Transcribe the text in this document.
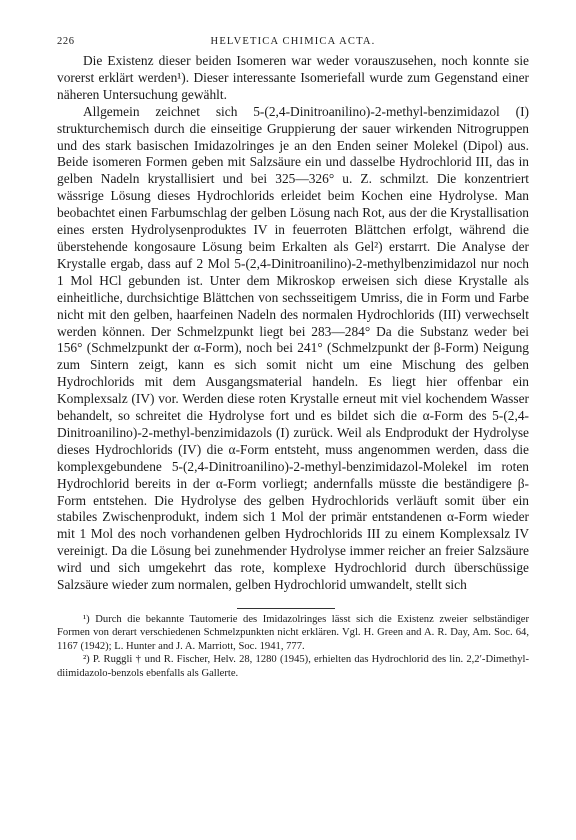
226	HELVETICA CHIMICA ACTA.

Die Existenz dieser beiden Isomeren war weder vorauszusehen, noch konnte sie vorerst erklärt werden¹). Dieser interessante Isomeriefall wurde zum Gegenstand einer näheren Untersuchung gewählt.

Allgemein zeichnet sich 5-(2,4-Dinitroanilino)-2-methyl-benzimidazol (I) strukturchemisch durch die einseitige Gruppierung der sauer wirkenden Nitrogruppen und des stark basischen Imidazolringes je an den Enden seiner Molekel (Dipol) aus. Beide isomeren Formen geben mit Salzsäure ein und dasselbe Hydrochlorid III, das in gelben Nadeln krystallisiert und bei 325—326° u. Z. schmilzt. Die konzentriert wässrige Lösung dieses Hydrochlorids erleidet beim Kochen eine Hydrolyse. Man beobachtet einen Farbumschlag der gelben Lösung nach Rot, aus der die Krystallisation eines ersten Hydrolysenproduktes IV in feuerroten Blättchen erfolgt, während die überstehende kongosaure Lösung beim Erkalten als Gel²) erstarrt. Die Analyse der Krystalle ergab, dass auf 2 Mol 5-(2,4-Dinitroanilino)-2-methylbenzimidazol nur noch 1 Mol HCl gebunden ist. Unter dem Mikroskop erweisen sich diese Krystalle als einheitliche, durchsichtige Blättchen von sechsseitigem Umriss, die in Form und Farbe nicht mit den gelben, haarfeinen Nadeln des normalen Hydrochlorids (III) verwechselt werden können. Der Schmelzpunkt liegt bei 283—284° Da die Substanz weder bei 156° (Schmelzpunkt der α-Form), noch bei 241° (Schmelzpunkt der β-Form) Neigung zum Sintern zeigt, kann es sich somit nicht um eine Mischung des gelben Hydrochlorids mit dem Ausgangsmaterial handeln. Es liegt hier offenbar ein Komplexsalz (IV) vor. Werden diese roten Krystalle erneut mit viel kochendem Wasser behandelt, so schreitet die Hydrolyse fort und es bildet sich die α-Form des 5-(2,4-Dinitroanilino)-2-methyl-benzimidazols (I) zurück. Weil als Endprodukt der Hydrolyse dieses Hydrochlorids (IV) die α-Form entsteht, muss angenommen werden, dass die komplexgebundene 5-(2,4-Dinitroanilino)-2-methyl-benzimidazol-Molekel im roten Hydrochlorid bereits in der α-Form vorliegt; andernfalls müsste die beständigere β-Form entstehen. Die Hydrolyse des gelben Hydrochlorids verläuft somit über ein stabiles Zwischenprodukt, indem sich 1 Mol der primär entstandenen α-Form wieder mit 1 Mol des noch vorhandenen gelben Hydrochlorids III zu einem Komplexsalz IV vereinigt. Da die Lösung bei zunehmender Hydrolyse immer reicher an freier Salzsäure wird und sich umgekehrt das rote, komplexe Hydrochlorid durch überschüssige Salzsäure wieder zum normalen, gelben Hydrochlorid umwandelt, stellt sich

¹) Durch die bekannte Tautomerie des Imidazolringes lässt sich die Existenz zweier selbständiger Formen von derart verschiedenen Schmelzpunkten nicht erklären. Vgl. H. Green and A. R. Day, Am. Soc. 64, 1167 (1942); L. Hunter and J. A. Marriott, Soc. 1941, 777.

²) P. Ruggli † und R. Fischer, Helv. 28, 1280 (1945), erhielten das Hydrochlorid des lin. 2,2′-Dimethyl-diimidazolo-benzols ebenfalls als Gallerte.
